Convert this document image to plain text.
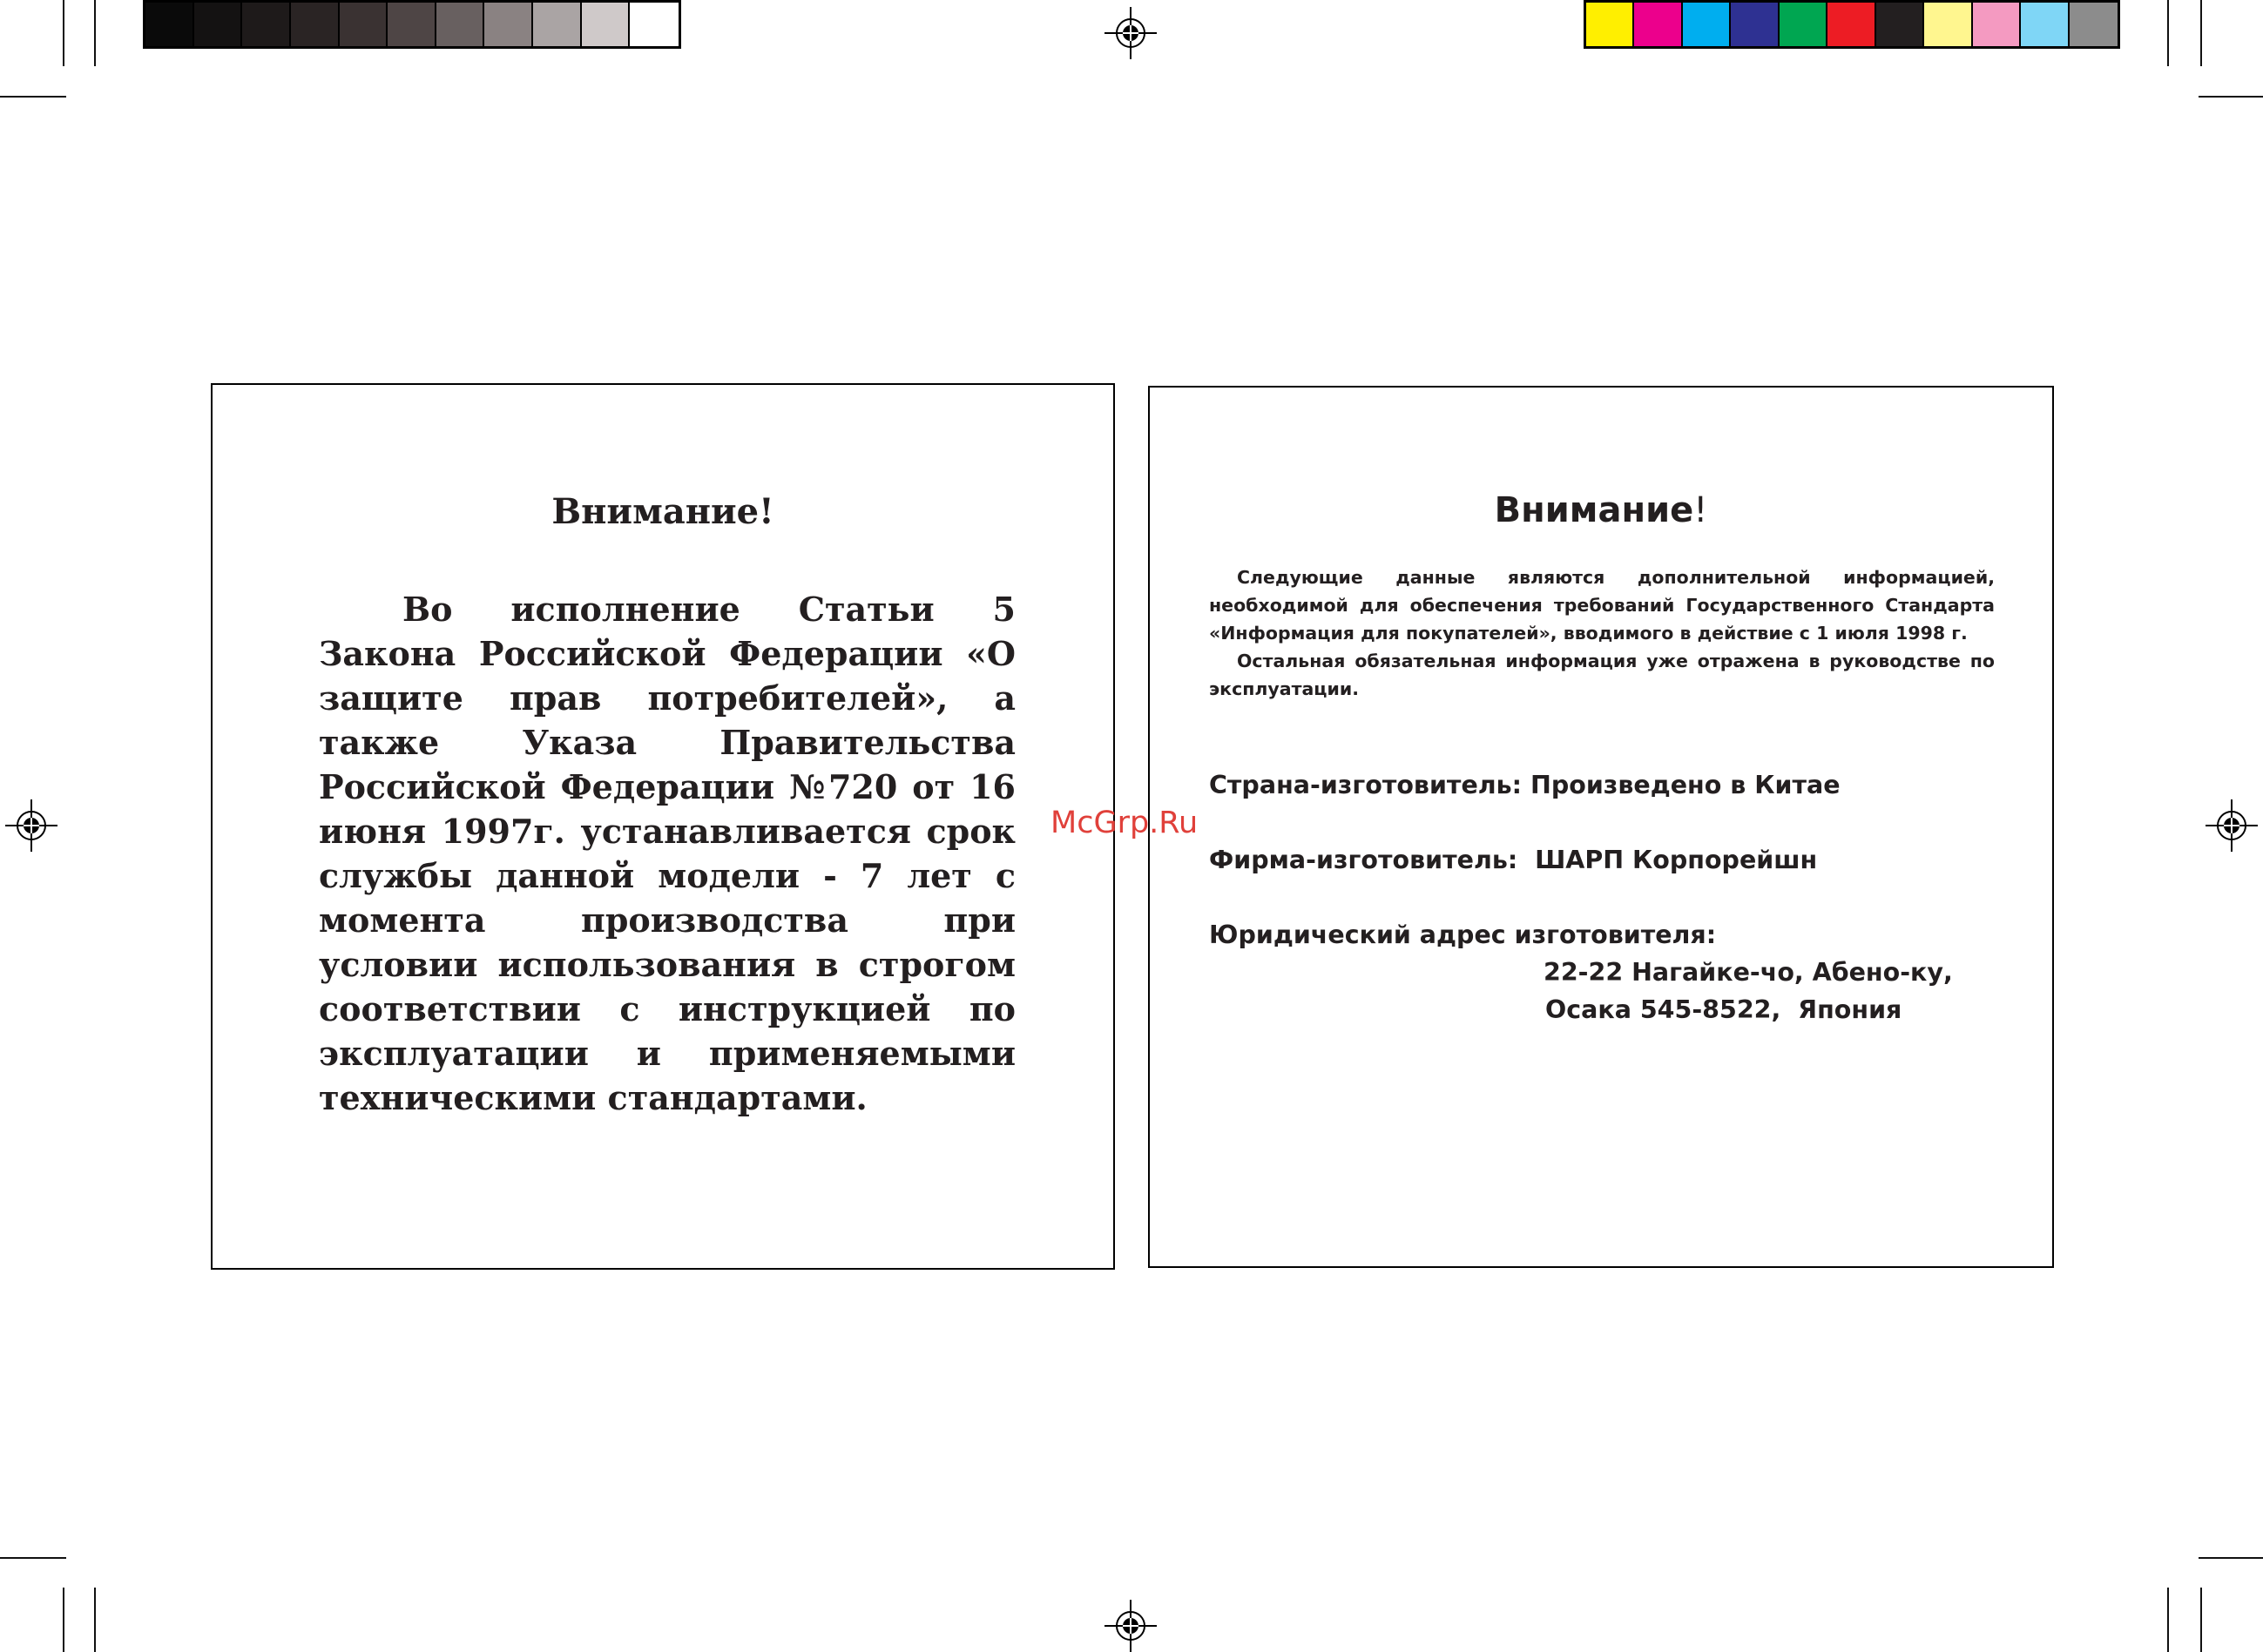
Внимание!
Во исполнение Статьи 5 Закона Российской Федерации «О защите прав потребителей», а также Указа Правительства Российской Федерации №720 от 16 июня 1997г. устанавливается срок службы данной модели - 7 лет с момента производства при условии использования в строгом соответствии с инструкцией по эксплуатации и применяемыми техническими стандартами.
Внимание!

Следующие данные являются дополнительной информацией, необходимой для обеспечения требований Государственного Стандарта «Информация для покупателей», вводимого в действие с 1 июля 1998 г.

Остальная обязательная информация уже отражена в руководстве по эксплуатации.

Страна-изготовитель: Произведено в Китае
Фирма-изготовитель:  ШАРП Корпорейшн
Юридический адрес изготовителя:
22-22 Нагайке-чо, Абено-ку,
Осака 545-8522,  Япония
McGrp.Ru
